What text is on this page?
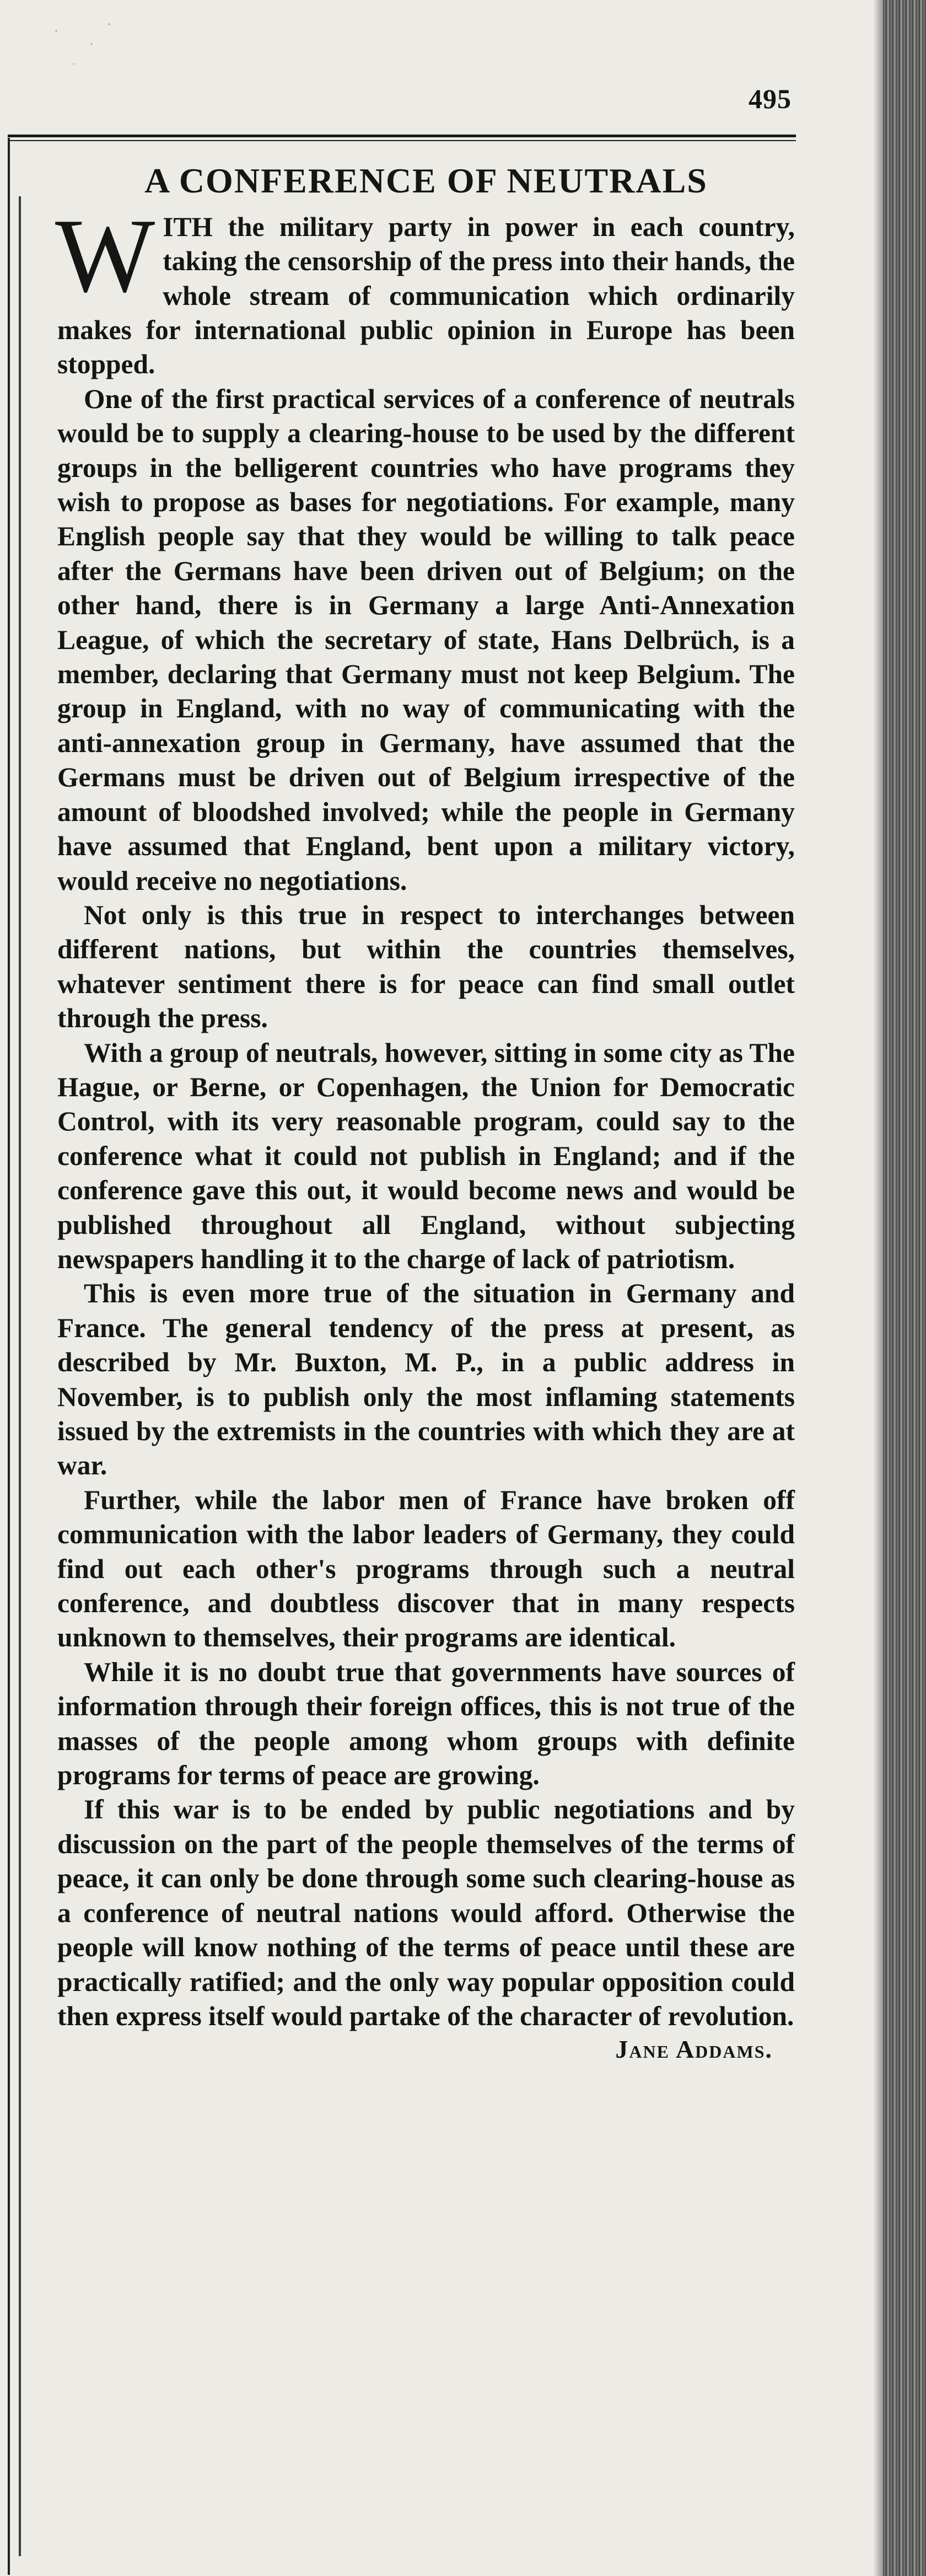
495
A CONFERENCE OF NEUTRALS

WITH the military party in power in each country, taking the censorship of the press into their hands, the whole stream of communication which ordinarily makes for international public opinion in Europe has been stopped.

One of the first practical services of a conference of neutrals would be to supply a clearing-house to be used by the different groups in the belligerent countries who have programs they wish to propose as bases for negotiations. For example, many English people say that they would be willing to talk peace after the Germans have been driven out of Belgium; on the other hand, there is in Germany a large Anti-Annexation League, of which the secretary of state, Hans Delbrüch, is a member, declaring that Germany must not keep Belgium. The group in England, with no way of communicating with the anti-annexation group in Germany, have assumed that the Germans must be driven out of Belgium irrespective of the amount of bloodshed involved; while the people in Germany have assumed that England, bent upon a military victory, would receive no negotiations.

Not only is this true in respect to interchanges between different nations, but within the countries themselves, whatever sentiment there is for peace can find small outlet through the press.

With a group of neutrals, however, sitting in some city as The Hague, or Berne, or Copenhagen, the Union for Democratic Control, with its very reasonable program, could say to the conference what it could not publish in England; and if the conference gave this out, it would become news and would be published throughout all England, without subjecting newspapers handling it to the charge of lack of patriotism.

This is even more true of the situation in Germany and France. The general tendency of the press at present, as described by Mr. Buxton, M. P., in a public address in November, is to publish only the most inflaming statements issued by the extremists in the countries with which they are at war.

Further, while the labor men of France have broken off communication with the labor leaders of Germany, they could find out each other's programs through such a neutral conference, and doubtless discover that in many respects unknown to themselves, their programs are identical.

While it is no doubt true that governments have sources of information through their foreign offices, this is not true of the masses of the people among whom groups with definite programs for terms of peace are growing.

If this war is to be ended by public negotiations and by discussion on the part of the people themselves of the terms of peace, it can only be done through some such clearing-house as a conference of neutral nations would afford. Otherwise the people will know nothing of the terms of peace until these are practically ratified; and the only way popular opposition could then express itself would partake of the character of revolution.

Jane Addams.
